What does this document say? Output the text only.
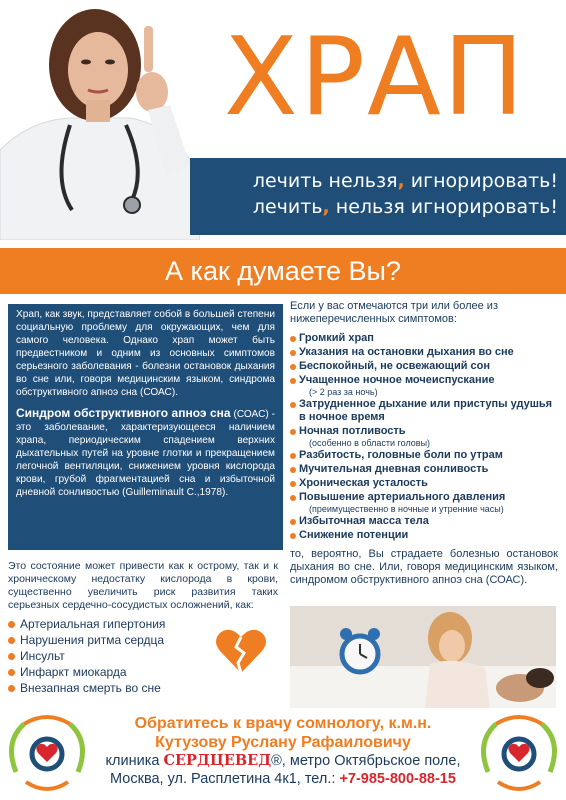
ХРАП
лечить нельзя, игнорировать!
лечить, нельзя игнорировать!
А как думаете Вы?

Храп, как звук, представляет собой в большей степени социальную проблему для окружающих, чем для самого человека. Однако храп может быть предвестником и одним из основных симптомов серьезного заболевания - болезни остановок дыхания во сне или, говоря медицинским языком, синдрома обструктивного апноэ сна (СОАС).

Синдром обструктивного апноэ сна (СОАС) - это заболевание, характеризующееся наличием храпа, периодическим спадением верхних дыхательных путей на уровне глотки и прекращением легочной вентиляции, снижением уровня кислорода крови, грубой фрагментацией сна и избыточной дневной сонливостью (Guilleminault C.,1978).

Если у вас отмечаются три или более из нижеперечисленных симптомов:
Громкий храп
Указания на остановки дыхания во сне
Беспокойный, не освежающий сон
Учащенное ночное мочеиспускание
(> 2 раз за ночь)
Затрудненное дыхание или приступы удушья в ночное время
Ночная потливость
(особенно в области головы)
Разбитость, головные боли по утрам
Мучительная дневная сонливость
Хроническая усталость
Повышение артериального давления
(преимущественно в ночные и утренние часы)
Избыточная масса тела
Снижение потенции
то, вероятно, Вы страдаете болезнью остановок дыхания во сне. Или, говоря медицинским языком, синдромом обструктивного апноэ сна (СОАС).
Это состояние может привести как к острому, так и к хроническому недостатку кислорода в крови, существенно увеличить риск развития таких серьезных сердечно-сосудистых осложнений, как:
Артериальная гипертония
Нарушения ритма сердца
Инсульт
Инфаркт миокарда
Внезапная смерть во сне
Обратитесь к врачу сомнологу, к.м.н.
Кутузову Руслану Рафаиловичу
клиника СЕРДЦЕВЕД®, метро Октябрьское поле,
Москва, ул. Расплетина 4к1, тел.: +7-985-800-88-15
